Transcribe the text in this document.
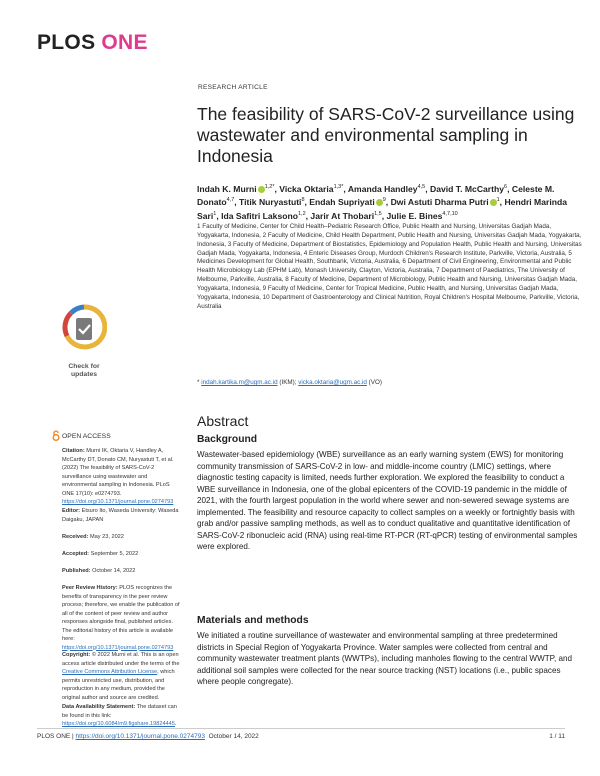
PLOS ONE
RESEARCH ARTICLE
The feasibility of SARS-CoV-2 surveillance using wastewater and environmental sampling in Indonesia
Indah K. Murni $^{1,2*}$, Vicka Oktaria$^{1,3*}$, Amanda Handley$^{4,5}$, David T. McCarthy$^6$, Celeste M. Donato$^{4,7}$, Titik Nuryastuti$^8$, Endah Supriyati $^9$, Dwi Astuti Dharma Putri $^1$, Hendri Marinda Sari$^1$, Ida Safitri Laksono$^{1,2}$, Jarir At Thobari$^{1,5}$, Julie E. Bines$^{4,7,10}$
1 Faculty of Medicine, Center for Child Health–Pediatric Research Office, Public Health and Nursing, Universitas Gadjah Mada, Yogyakarta, Indonesia, 2 Faculty of Medicine, Child Health Department, Public Health and Nursing, Universitas Gadjah Mada, Yogyakarta, Indonesia, 3 Faculty of Medicine, Department of Biostatistics, Epidemiology and Population Health, Public Health and Nursing, Universitas Gadjah Mada, Yogyakarta, Indonesia, 4 Enteric Diseases Group, Murdoch Children's Research Institute, Parkville, Victoria, Australia, 5 Medicines Development for Global Health, Southbank, Victoria, Australia, 6 Department of Civil Engineering, Environmental and Public Health Microbiology Lab (EPHM Lab), Monash University, Clayton, Victoria, Australia, 7 Department of Paediatrics, The University of Melbourne, Parkville, Australia, 8 Faculty of Medicine, Department of Microbiology, Public Health and Nursing, Universitas Gadjah Mada, Yogyakarta, Indonesia, 9 Faculty of Medicine, Center for Tropical Medicine, Public Health, and Nursing, Universitas Gadjah Mada, Yogyakarta, Indonesia, 10 Department of Gastroenterology and Clinical Nutrition, Royal Children's Hospital Melbourne, Parkville, Victoria, Australia
* indah.kartika.m@ugm.ac.id (IKM); vicka.oktaria@ugm.ac.id (VO)
Abstract
Background
Wastewater-based epidemiology (WBE) surveillance as an early warning system (EWS) for monitoring community transmission of SARS-CoV-2 in low- and middle-income country (LMIC) settings, where diagnostic testing capacity is limited, needs further exploration. We explored the feasibility to conduct a WBE surveillance in Indonesia, one of the global epicenters of the COVID-19 pandemic in the middle of 2021, with the fourth largest population in the world where sewer and non-sewered sewage systems are implemented. The feasibility and resource capacity to collect samples on a weekly or fortnightly basis with grab and/or passive sampling methods, as well as to conduct qualitative and quantitative identification of SARS-CoV-2 ribonucleic acid (RNA) using real-time RT-PCR (RT-qPCR) testing of environmental samples were explored.
Materials and methods
We initiated a routine surveillance of wastewater and environmental sampling at three predetermined districts in Special Region of Yogyakarta Province. Water samples were collected from central and community wastewater treatment plants (WWTPs), including manholes flowing to the central WWTP, and additional soil samples were collected for the near source tracking (NST) locations (i.e., public spaces where people congregate).
Check for updates
OPEN ACCESS
Citation: Murni IK, Oktaria V, Handley A, McCarthy DT, Donato CM, Nuryastuti T, et al. (2022) The feasibility of SARS-CoV-2 surveillance using wastewater and environmental sampling in Indonesia. PLoS ONE 17(10): e0274793. https://doi.org/10.1371/journal.pone.0274793
Editor: Etsuro Ito, Waseda University: Waseda Daigaku, JAPAN
Received: May 23, 2022
Accepted: September 5, 2022
Published: October 14, 2022
Peer Review History: PLOS recognizes the benefits of transparency in the peer review process; therefore, we enable the publication of all of the content of peer review and author responses alongside final, published articles. The editorial history of this article is available here: https://doi.org/10.1371/journal.pone.0274793
Copyright: © 2022 Murni et al. This is an open access article distributed under the terms of the Creative Commons Attribution License, which permits unrestricted use, distribution, and reproduction in any medium, provided the original author and source are credited.
Data Availability Statement: The dataset can be found in this link: https://doi.org/10.6084/m9.figshare.19824445.
PLOS ONE | https://doi.org/10.1371/journal.pone.0274793 October 14, 2022	1 / 11
